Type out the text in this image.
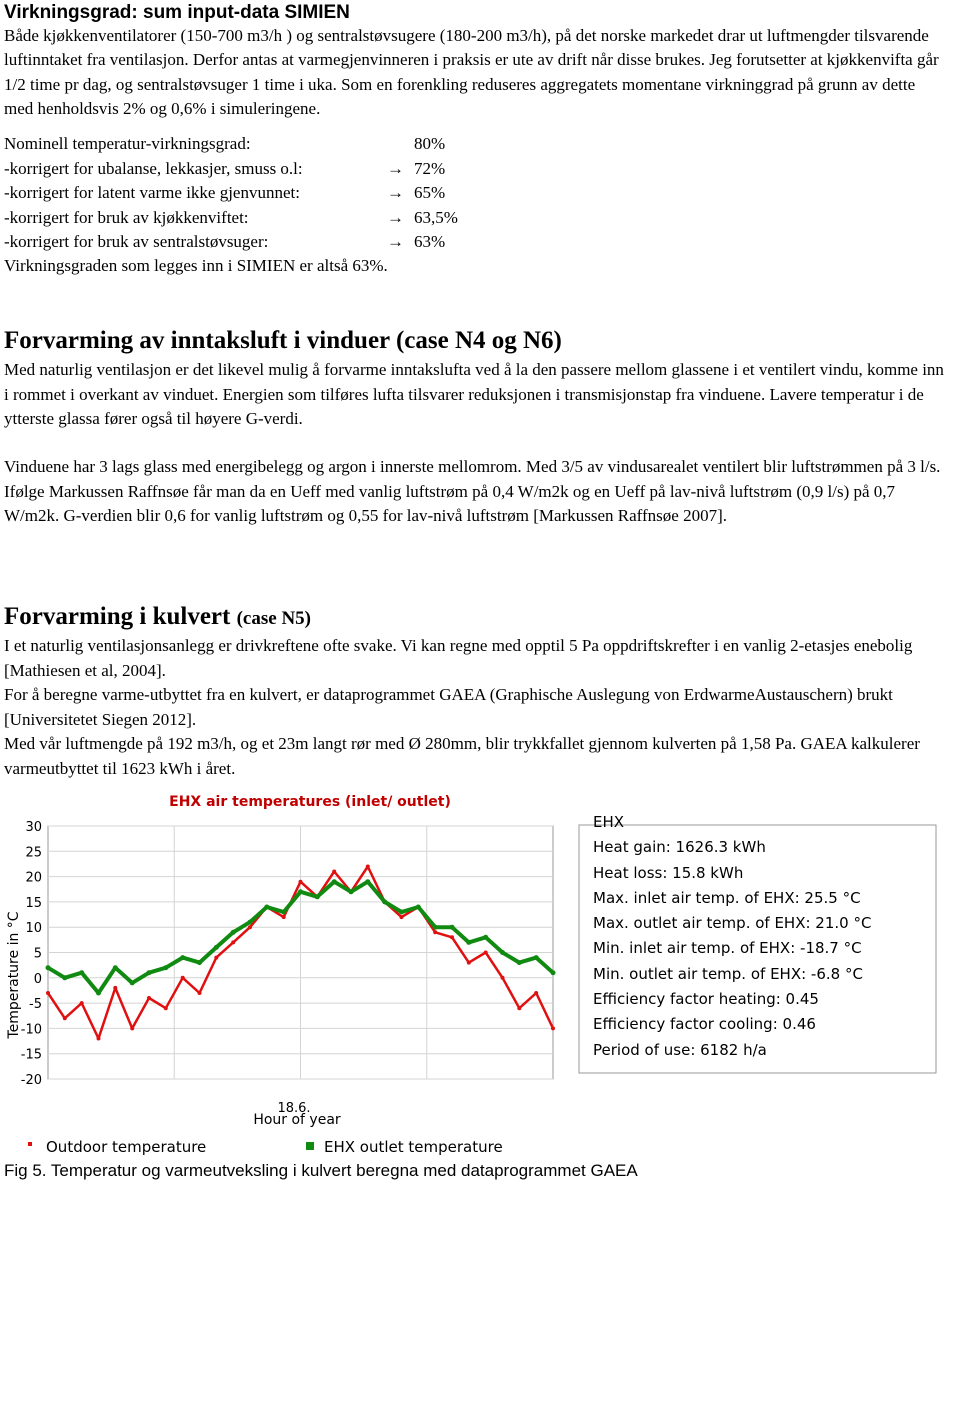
Virkningsgrad: sum input-data SIMIEN

Både kjøkkenventilatorer (150-700 m3/h ) og sentralstøvsugere (180-200 m3/h), på det norske markedet drar ut luftmengder tilsvarende luftinntaket fra ventilasjon. Derfor antas at varmegjenvinneren i praksis er ute av drift når disse brukes. Jeg forutsetter at kjøkkenvifta går 1/2 time pr dag, og sentralstøvsuger 1 time i uka. Som en forenkling reduseres aggregatets momentane virkninggrad på grunn av dette med henholdsvis 2% og 0,6% i simuleringene.

Nominell temperatur-virkningsgrad:	80%
-korrigert for ubalanse, lekkasjer, smuss o.l:	→ 72%
-korrigert for latent varme ikke gjenvunnet:	→ 65%
-korrigert for bruk av kjøkkenviftet:	→ 63,5%
-korrigert for bruk av sentralstøvsuger:	→ 63%
Virkningsgraden som legges inn i SIMIEN er altså 63%.
Forvarming av inntaksluft i vinduer (case N4 og N6)

Med naturlig ventilasjon er det likevel mulig å forvarme inntakslufta ved å la den passere mellom glassene i et ventilert vindu, komme inn i rommet i overkant av vinduet. Energien som tilføres lufta tilsvarer reduksjonen i transmisjonstap fra vinduene. Lavere temperatur i de ytterste glassa fører også til høyere G-verdi.

Vinduene har 3 lags glass med energibelegg og argon i innerste mellomrom. Med 3/5 av vindusarealet ventilert blir luftstrømmen på 3 l/s. Ifølge Markussen Raffnsøe får man da en Ueff med vanlig luftstrøm på 0,4 W/m2k og en Ueff på lav-nivå luftstrøm (0,9 l/s) på 0,7 W/m2k. G-verdien blir 0,6 for vanlig luftstrøm og 0,55 for lav-nivå luftstrøm [Markussen Raffnsøe 2007].

Forvarming i kulvert (case N5)

I et naturlig ventilasjonsanlegg er drivkreftene ofte svake. Vi kan regne med opptil 5 Pa oppdriftskrefter i en vanlig 2-etasjes enebolig [Mathiesen et al, 2004].

For å beregne varme-utbyttet fra en kulvert, er dataprogrammet GAEA (Graphische Auslegung von ErdwarmeAustauschern) brukt [Universitetet Siegen 2012].

Med vår luftmengde på 192 m3/h, og et 23m langt rør med Ø 280mm, blir trykkfallet gjennom kulverten på 1,58 Pa. GAEA kalkulerer varmeutbyttet til 1623 kWh i året.

30
25
20
15
10
5
0
-5
-10
-15
-20
EHX air temperatures (inlet/ outlet)
Temperature in °C
18.6.
Hour of year
EHX
Heat gain: 1626.3 kWh
Heat loss: 15.8 kWh
Max. inlet air temp. of EHX: 25.5 °C
Max. outlet air temp. of EHX: 21.0 °C
Min. inlet air temp. of EHX: -18.7 °C
Min. outlet air temp. of EHX: -6.8 °C
Efficiency factor heating: 0.45
Efficiency factor cooling: 0.46
Period of use: 6182 h/a
Outdoor temperature	EHX outlet temperature
Fig 5. Temperatur og varmeutveksling i kulvert beregna med dataprogrammet GAEA
